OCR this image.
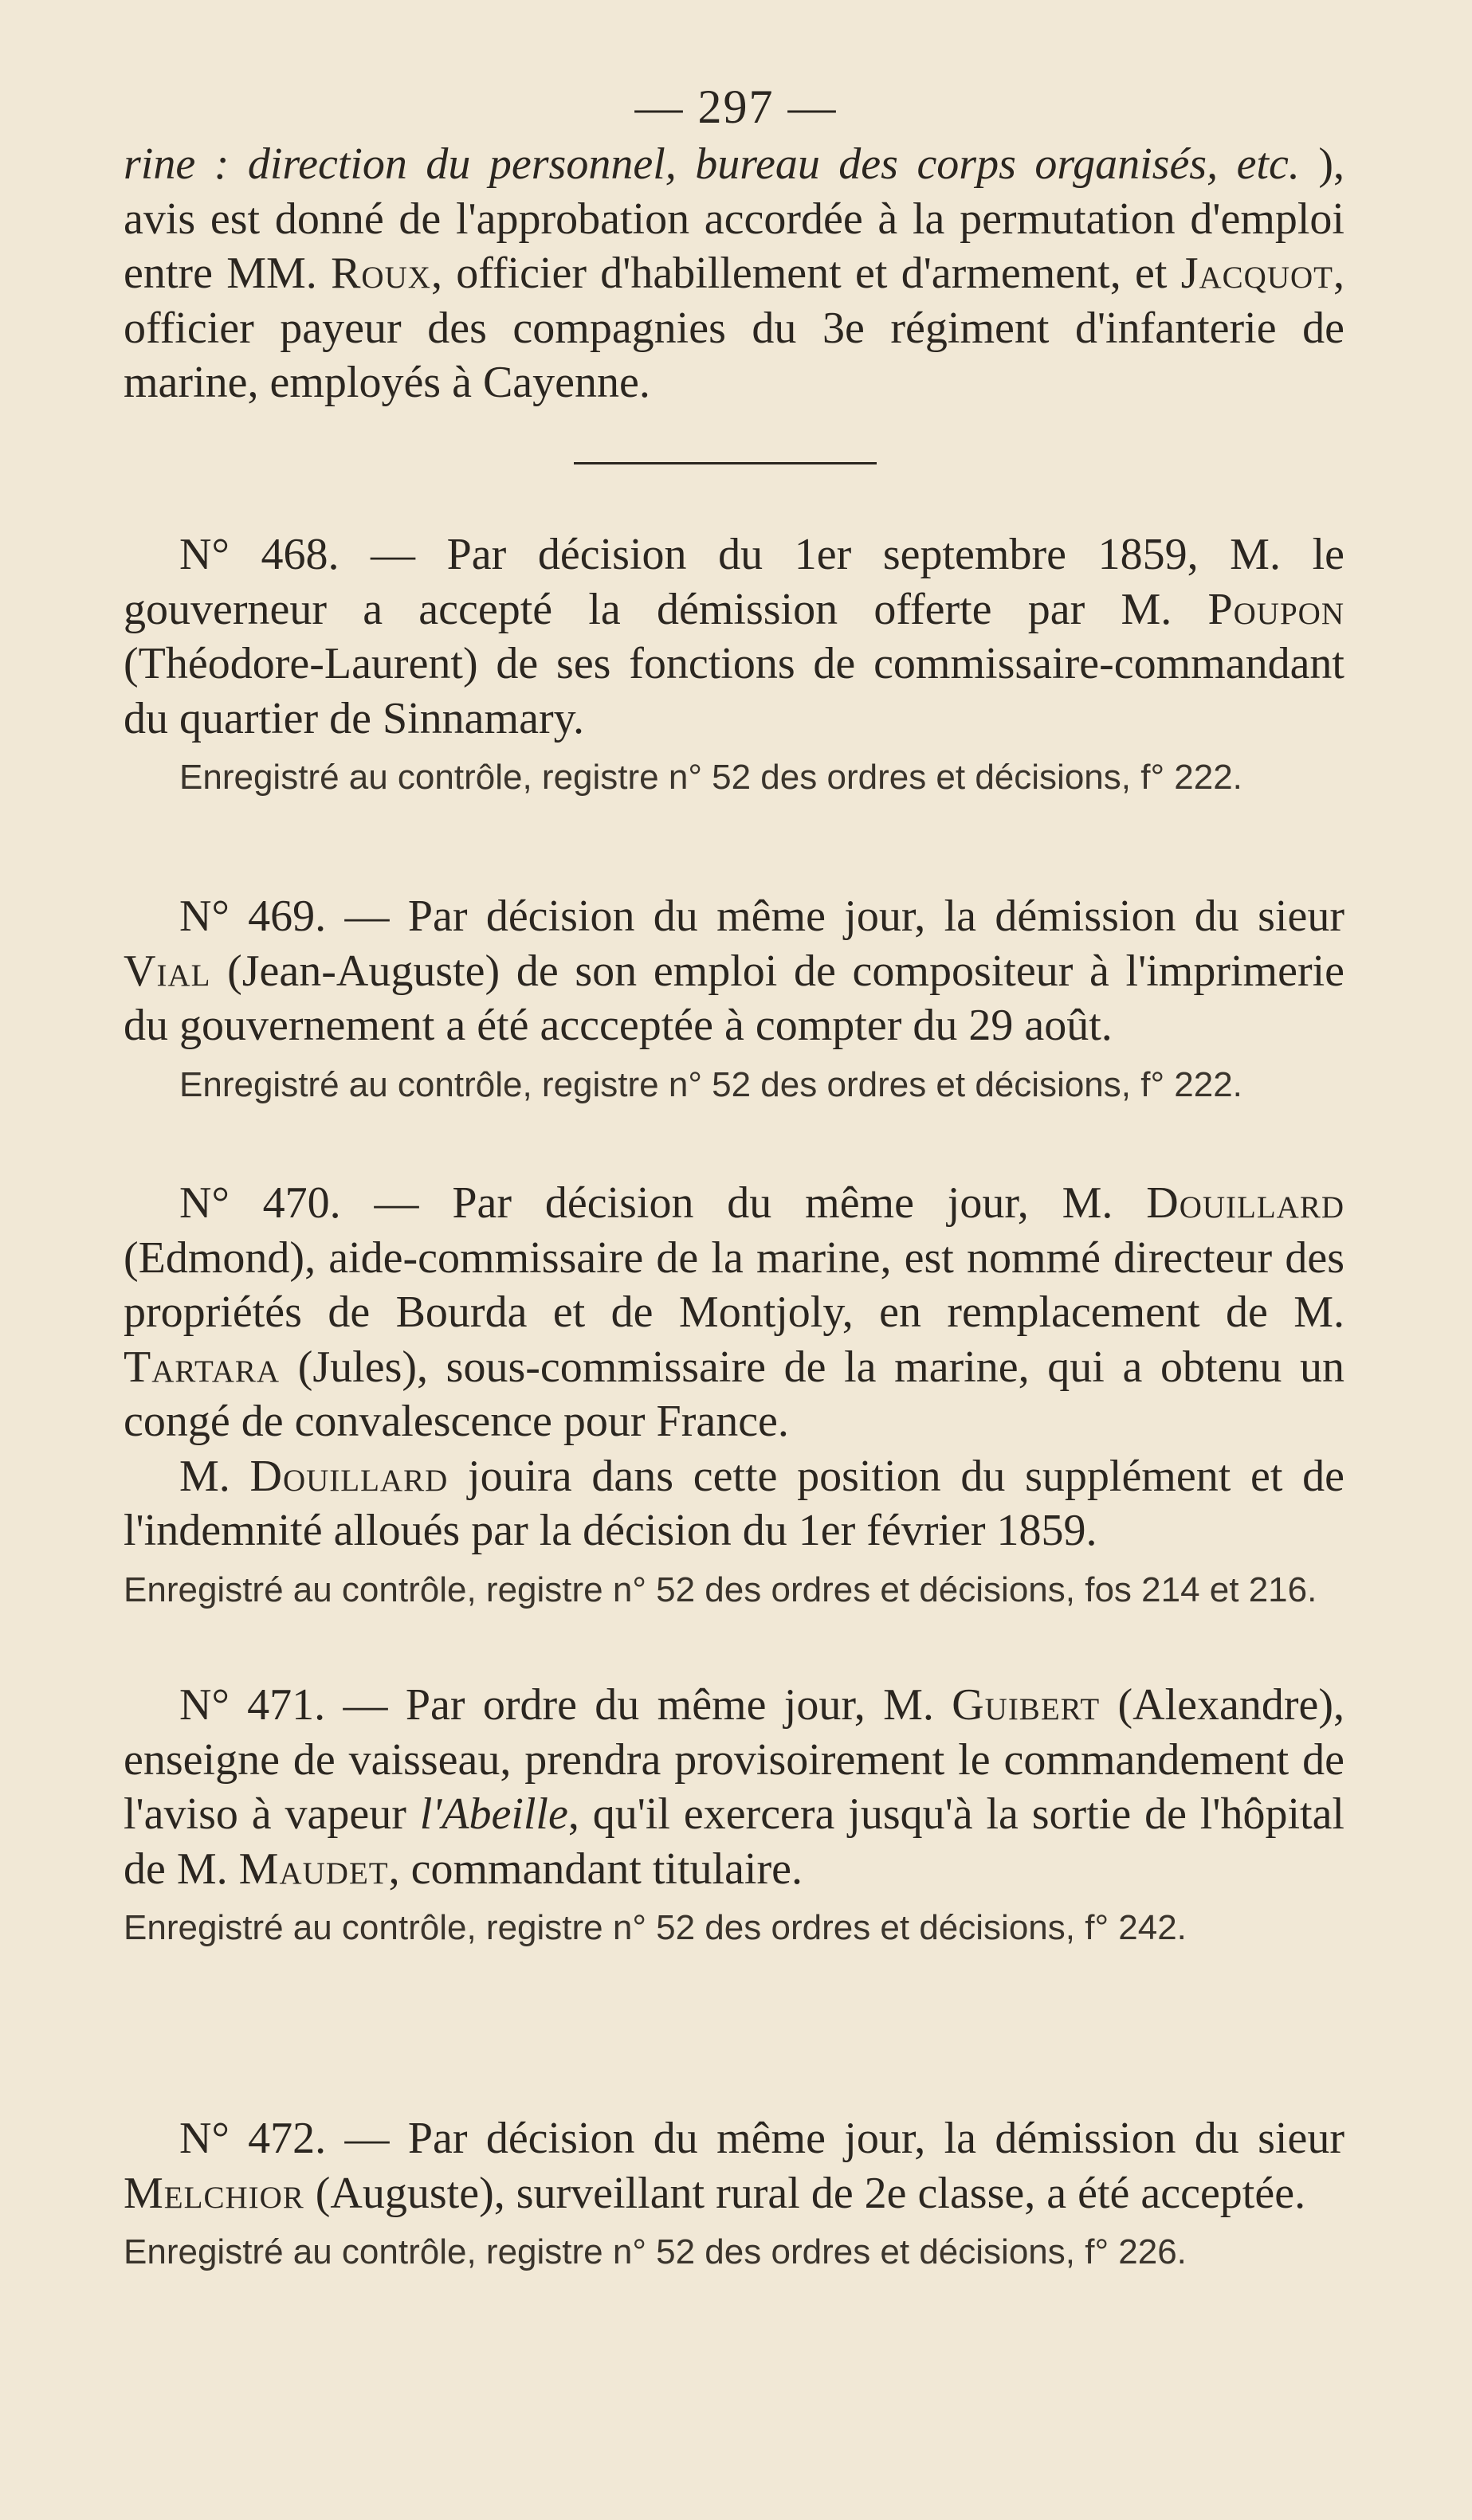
— 297 —

rine : direction du personnel, bureau des corps organisés, etc. ), avis est donné de l'approbation accordée à la permutation d'emploi entre MM. Roux, officier d'habillement et d'armement, et Jacquot, officier payeur des compagnies du 3e régiment d'infanterie de marine, employés à Cayenne.

N° 468. — Par décision du 1er septembre 1859, M. le gouverneur a accepté la démission offerte par M. Poupon (Théodore-Laurent) de ses fonctions de commissaire-commandant du quartier de Sinnamary.

Enregistré au contrôle, registre n° 52 des ordres et décisions, f° 222.

N° 469. — Par décision du même jour, la démission du sieur Vial (Jean-Auguste) de son emploi de compositeur à l'imprimerie du gouvernement a été accceptée à compter du 29 août.

Enregistré au contrôle, registre n° 52 des ordres et décisions, f° 222.

N° 470. — Par décision du même jour, M. Douillard (Edmond), aide-commissaire de la marine, est nommé directeur des propriétés de Bourda et de Montjoly, en remplacement de M. Tartara (Jules), sous-commissaire de la marine, qui a obtenu un congé de convalescence pour France.

M. Douillard jouira dans cette position du supplément et de l'indemnité alloués par la décision du 1er février 1859.

Enregistré au contrôle, registre n° 52 des ordres et décisions, fos 214 et 216.

N° 471. — Par ordre du même jour, M. Guibert (Alexandre), enseigne de vaisseau, prendra provisoirement le commandement de l'aviso à vapeur l'Abeille, qu'il exercera jusqu'à la sortie de l'hôpital de M. Maudet, commandant titulaire.

Enregistré au contrôle, registre n° 52 des ordres et décisions, f° 242.

N° 472. — Par décision du même jour, la démission du sieur Melchior (Auguste), surveillant rural de 2e classe, a été acceptée.

Enregistré au contrôle, registre n° 52 des ordres et décisions, f° 226.
